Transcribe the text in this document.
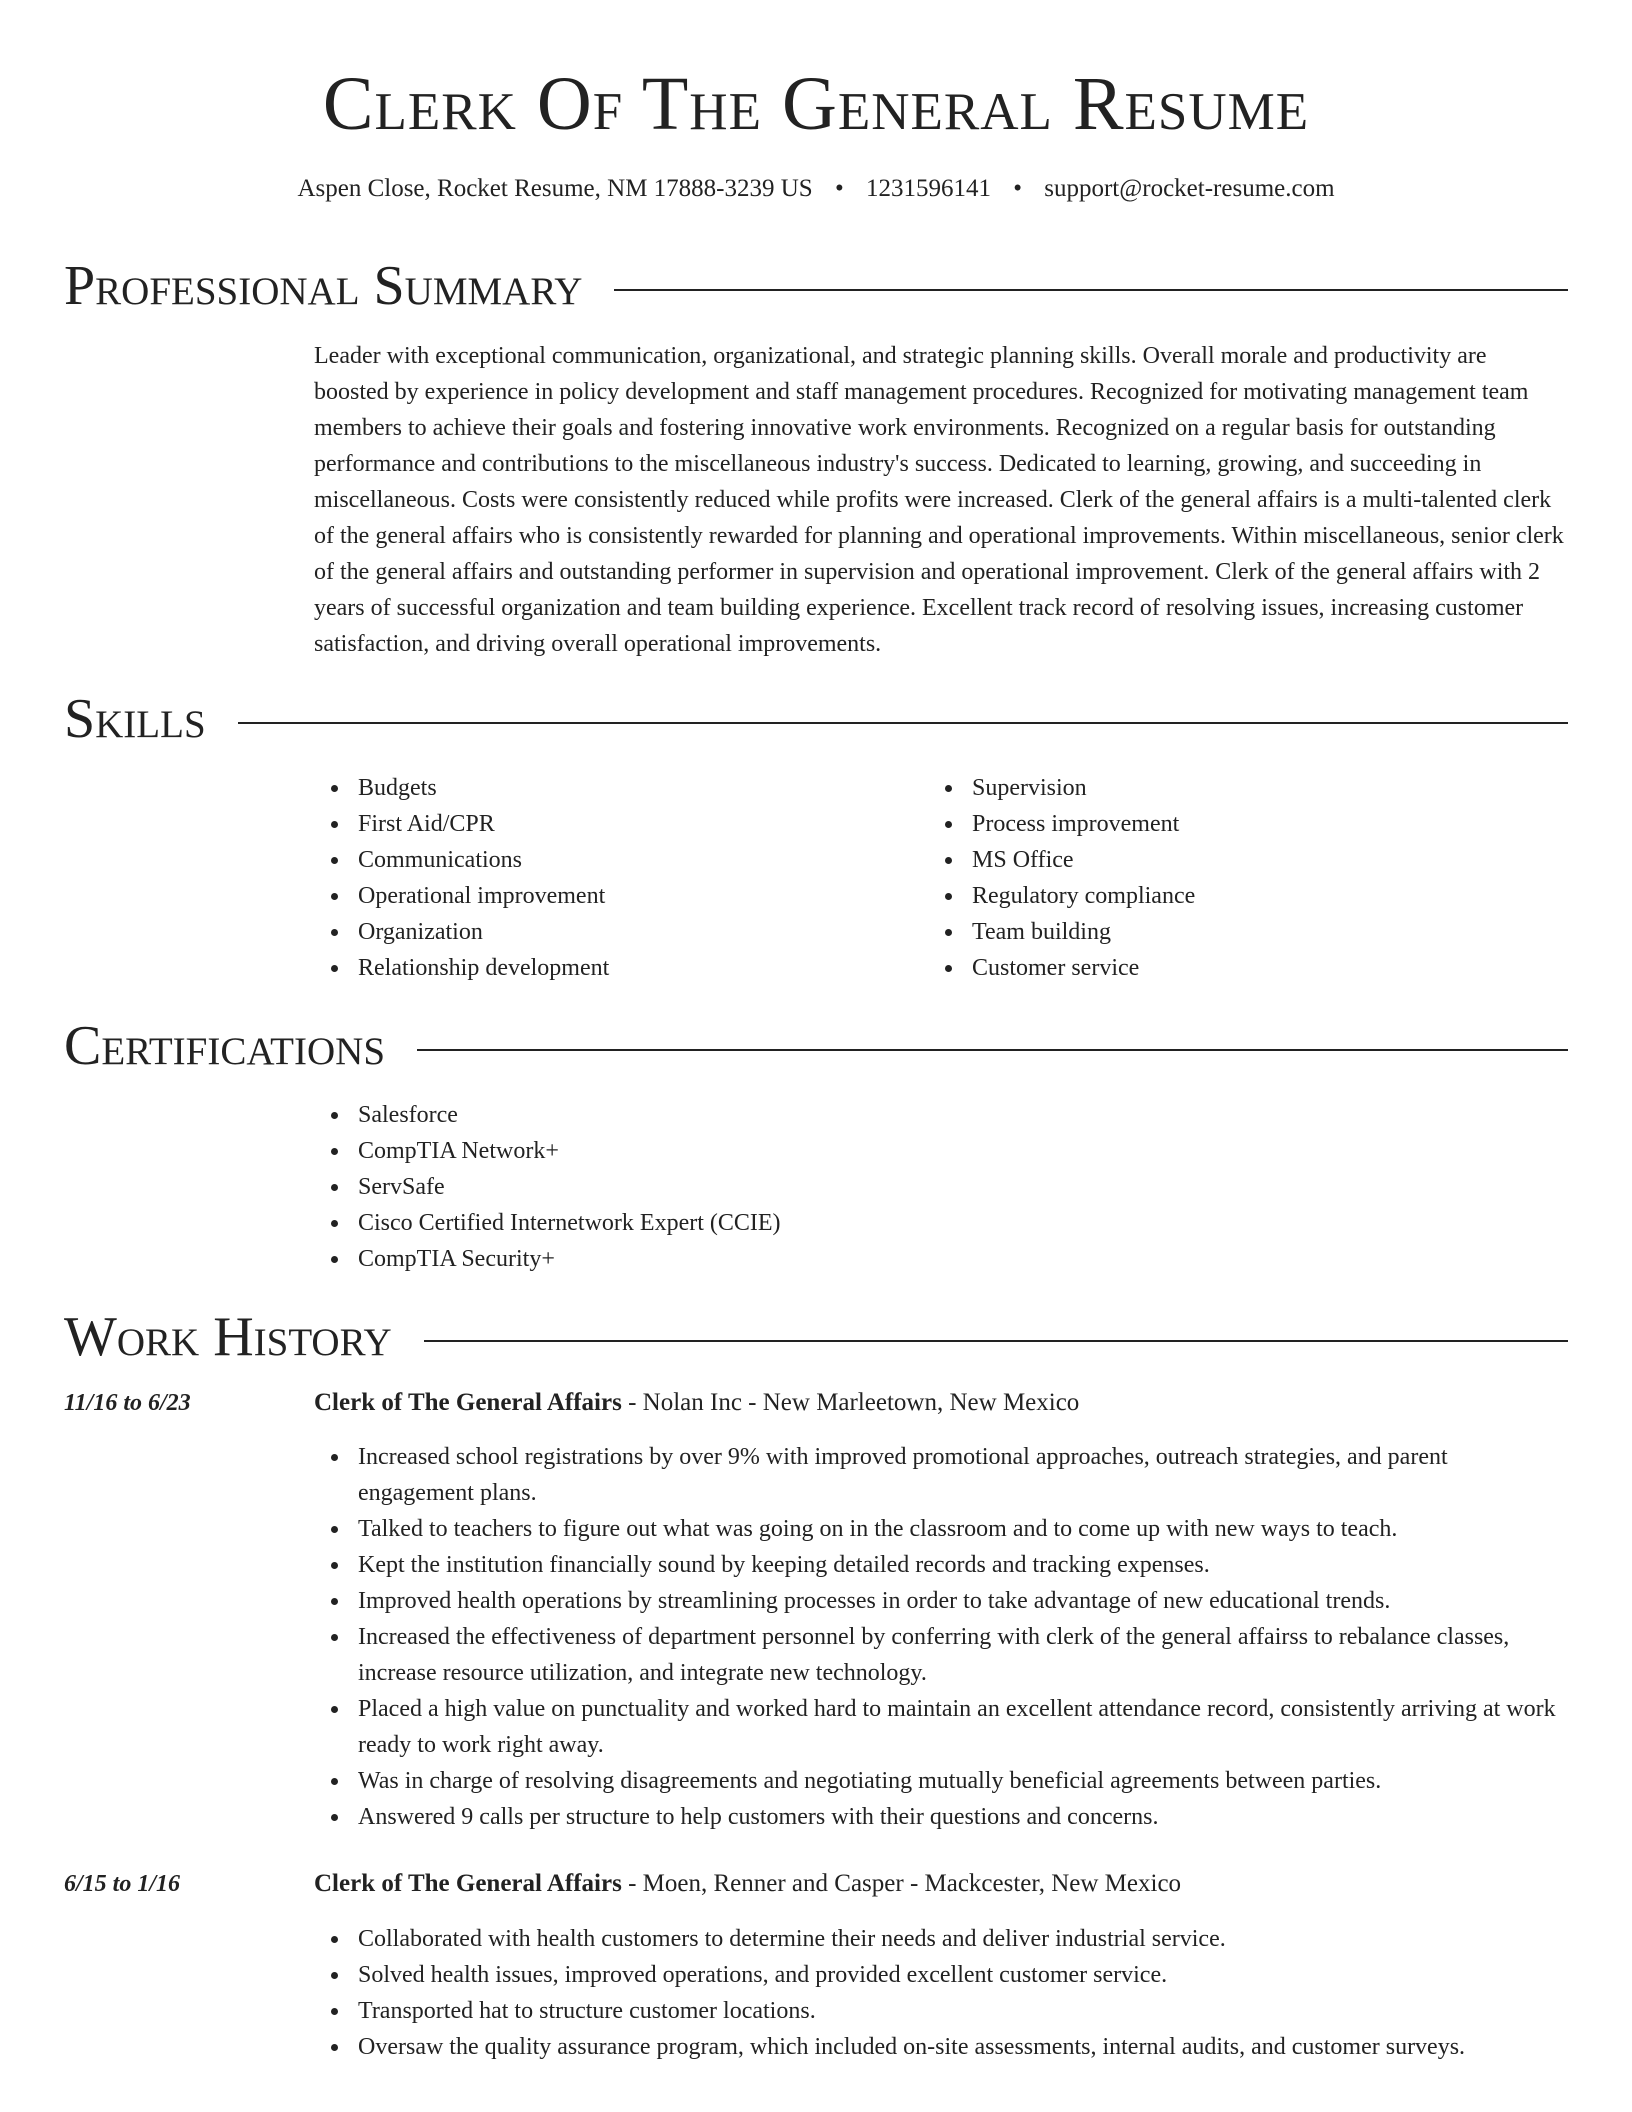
Clerk Of The General Resume
Aspen Close, Rocket Resume, NM 17888-3239 US • 1231596141 • support@rocket-resume.com
Professional Summary
Leader with exceptional communication, organizational, and strategic planning skills. Overall morale and productivity are boosted by experience in policy development and staff management procedures. Recognized for motivating management team members to achieve their goals and fostering innovative work environments. Recognized on a regular basis for outstanding performance and contributions to the miscellaneous industry's success. Dedicated to learning, growing, and succeeding in miscellaneous. Costs were consistently reduced while profits were increased. Clerk of the general affairs is a multi-talented clerk of the general affairs who is consistently rewarded for planning and operational improvements. Within miscellaneous, senior clerk of the general affairs and outstanding performer in supervision and operational improvement. Clerk of the general affairs with 2 years of successful organization and team building experience. Excellent track record of resolving issues, increasing customer satisfaction, and driving overall operational improvements.
Skills
Budgets
First Aid/CPR
Communications
Operational improvement
Organization
Relationship development
Supervision
Process improvement
MS Office
Regulatory compliance
Team building
Customer service
Certifications
Salesforce
CompTIA Network+
ServSafe
Cisco Certified Internetwork Expert (CCIE)
CompTIA Security+
Work History
11/16 to 6/23	Clerk of The General Affairs - Nolan Inc - New Marleetown, New Mexico
Increased school registrations by over 9% with improved promotional approaches, outreach strategies, and parent engagement plans.
Talked to teachers to figure out what was going on in the classroom and to come up with new ways to teach.
Kept the institution financially sound by keeping detailed records and tracking expenses.
Improved health operations by streamlining processes in order to take advantage of new educational trends.
Increased the effectiveness of department personnel by conferring with clerk of the general affairss to rebalance classes, increase resource utilization, and integrate new technology.
Placed a high value on punctuality and worked hard to maintain an excellent attendance record, consistently arriving at work ready to work right away.
Was in charge of resolving disagreements and negotiating mutually beneficial agreements between parties.
Answered 9 calls per structure to help customers with their questions and concerns.
6/15 to 1/16	Clerk of The General Affairs - Moen, Renner and Casper - Mackcester, New Mexico
Collaborated with health customers to determine their needs and deliver industrial service.
Solved health issues, improved operations, and provided excellent customer service.
Transported hat to structure customer locations.
Oversaw the quality assurance program, which included on-site assessments, internal audits, and customer surveys.
